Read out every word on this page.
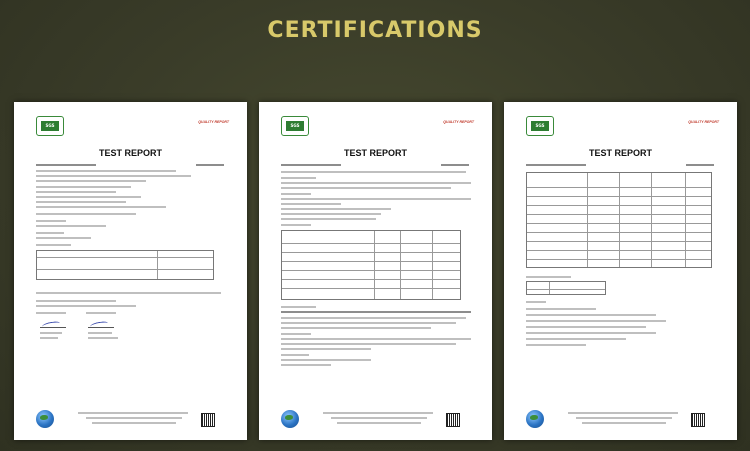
CERTIFICATIONS
SGS
QUALITY REPORT
TEST REPORT
SGS
QUALITY REPORT
TEST REPORT
SGS
QUALITY REPORT
TEST REPORT
